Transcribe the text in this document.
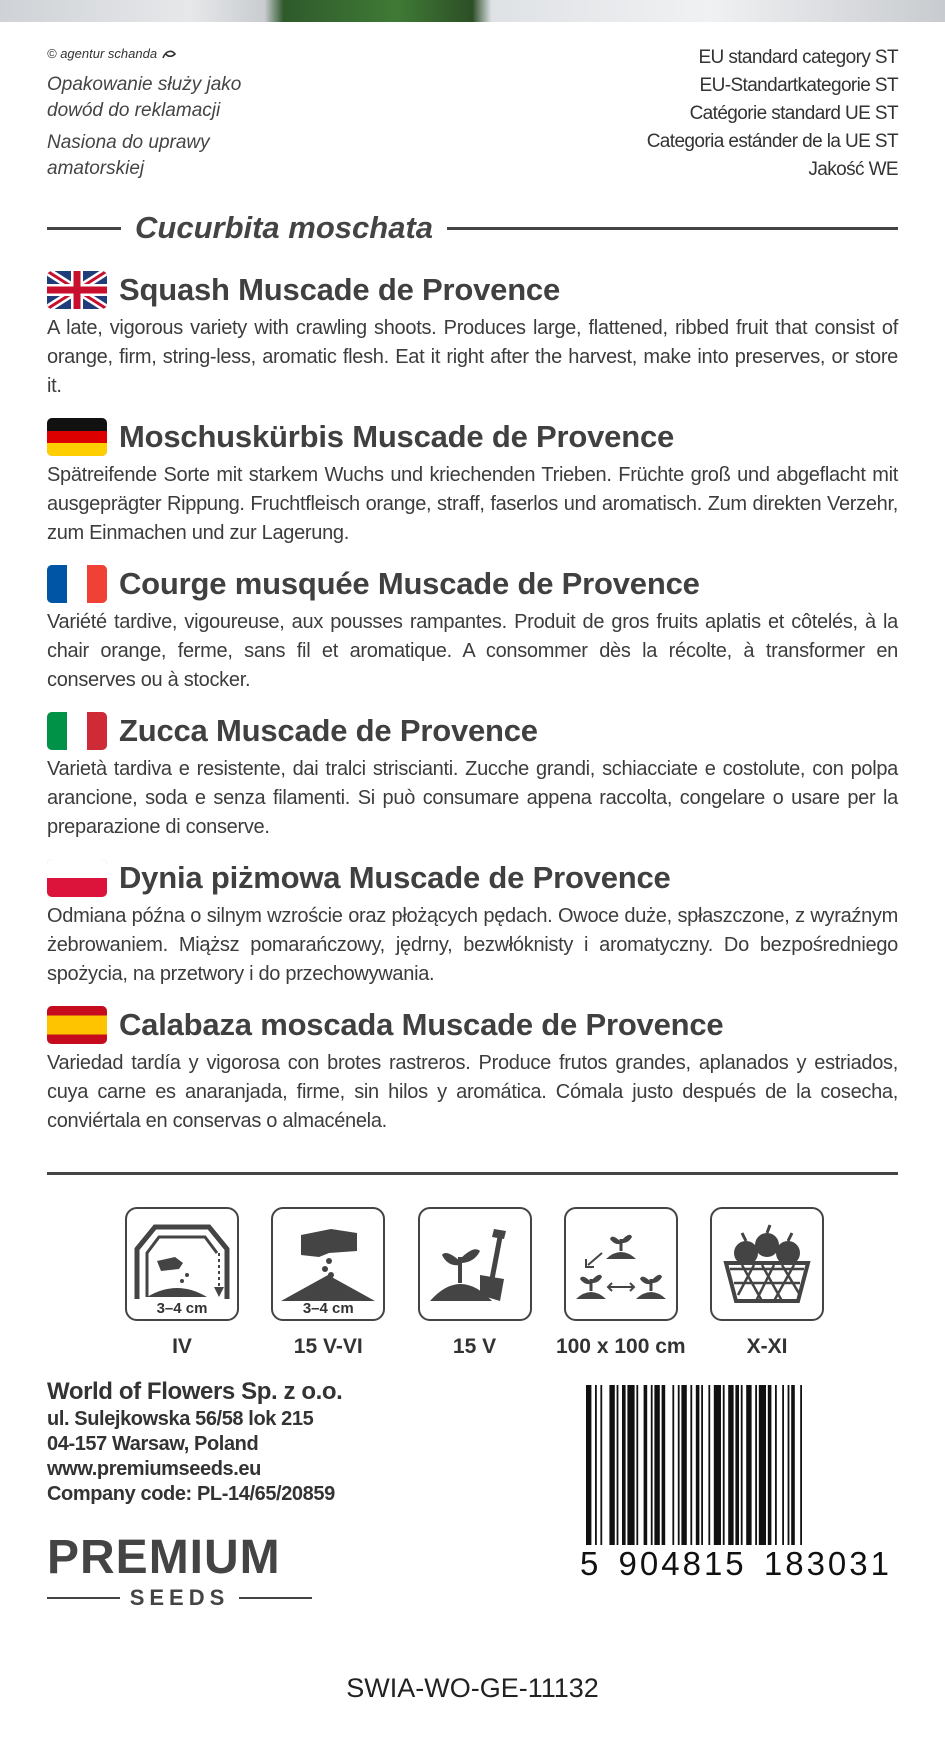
© agentur schanda
Opakowanie służy jako dowód do reklamacji
Nasiona do uprawy amatorskiej
EU standard category ST
EU-Standartkategorie ST
Catégorie standard UE ST
Categoria estánder de la UE ST
Jakość WE
Cucurbita moschata
Squash Muscade de Provence
A late, vigorous variety with crawling shoots. Produces large, flattened, ribbed fruit that consist of orange, firm, string-less, aromatic flesh. Eat it right after the harvest, make into preserves, or store it.
Moschuskürbis Muscade de Provence
Spätreifende Sorte mit starkem Wuchs und kriechenden Trieben. Früchte groß und abgeflacht mit ausgeprägter Rippung. Fruchtfleisch orange, straff, faserlos und aromatisch. Zum direkten Verzehr, zum Einmachen und zur Lagerung.
Courge musquée Muscade de Provence
Variété tardive, vigoureuse, aux pousses rampantes. Produit de gros fruits aplatis et côtelés, à la chair orange, ferme, sans fil et aromatique. A consommer dès la récolte, à transformer en conserves ou à stocker.
Zucca Muscade de Provence
Varietà tardiva e resistente, dai tralci striscianti. Zucche grandi, schiacciate e costolute, con polpa arancione, soda e senza filamenti. Si può consumare appena raccolta, congelare o usare per la preparazione di conserve.
Dynia piżmowa Muscade de Provence
Odmiana późna o silnym wzroście oraz płożących pędach. Owoce duże, spłaszczone, z wyraźnym żebrowaniem. Miąższ pomarańczowy, jędrny, bezwłóknisty i aromatyczny. Do bezpośredniego spożycia, na przetwory i do przechowywania.
Calabaza moscada Muscade de Provence
Variedad tardía y vigorosa con brotes rastreros. Produce frutos grandes, aplanados y estriados, cuya carne es anaranjada, firme, sin hilos y aromática. Cómala justo después de la cosecha, conviértala en conservas o almacénela.
3–4 cm
IV
3–4 cm
15 V-VI	15 V	100 x 100 cm	X-XI
World of Flowers Sp. z o.o.
ul. Sulejkowska 56/58 lok 215
04-157 Warsaw, Poland
www.premiumseeds.eu
Company code: PL-14/65/20859
PREMIUM
SEEDS
5 904815 183031
SWIA-WO-GE-11132
